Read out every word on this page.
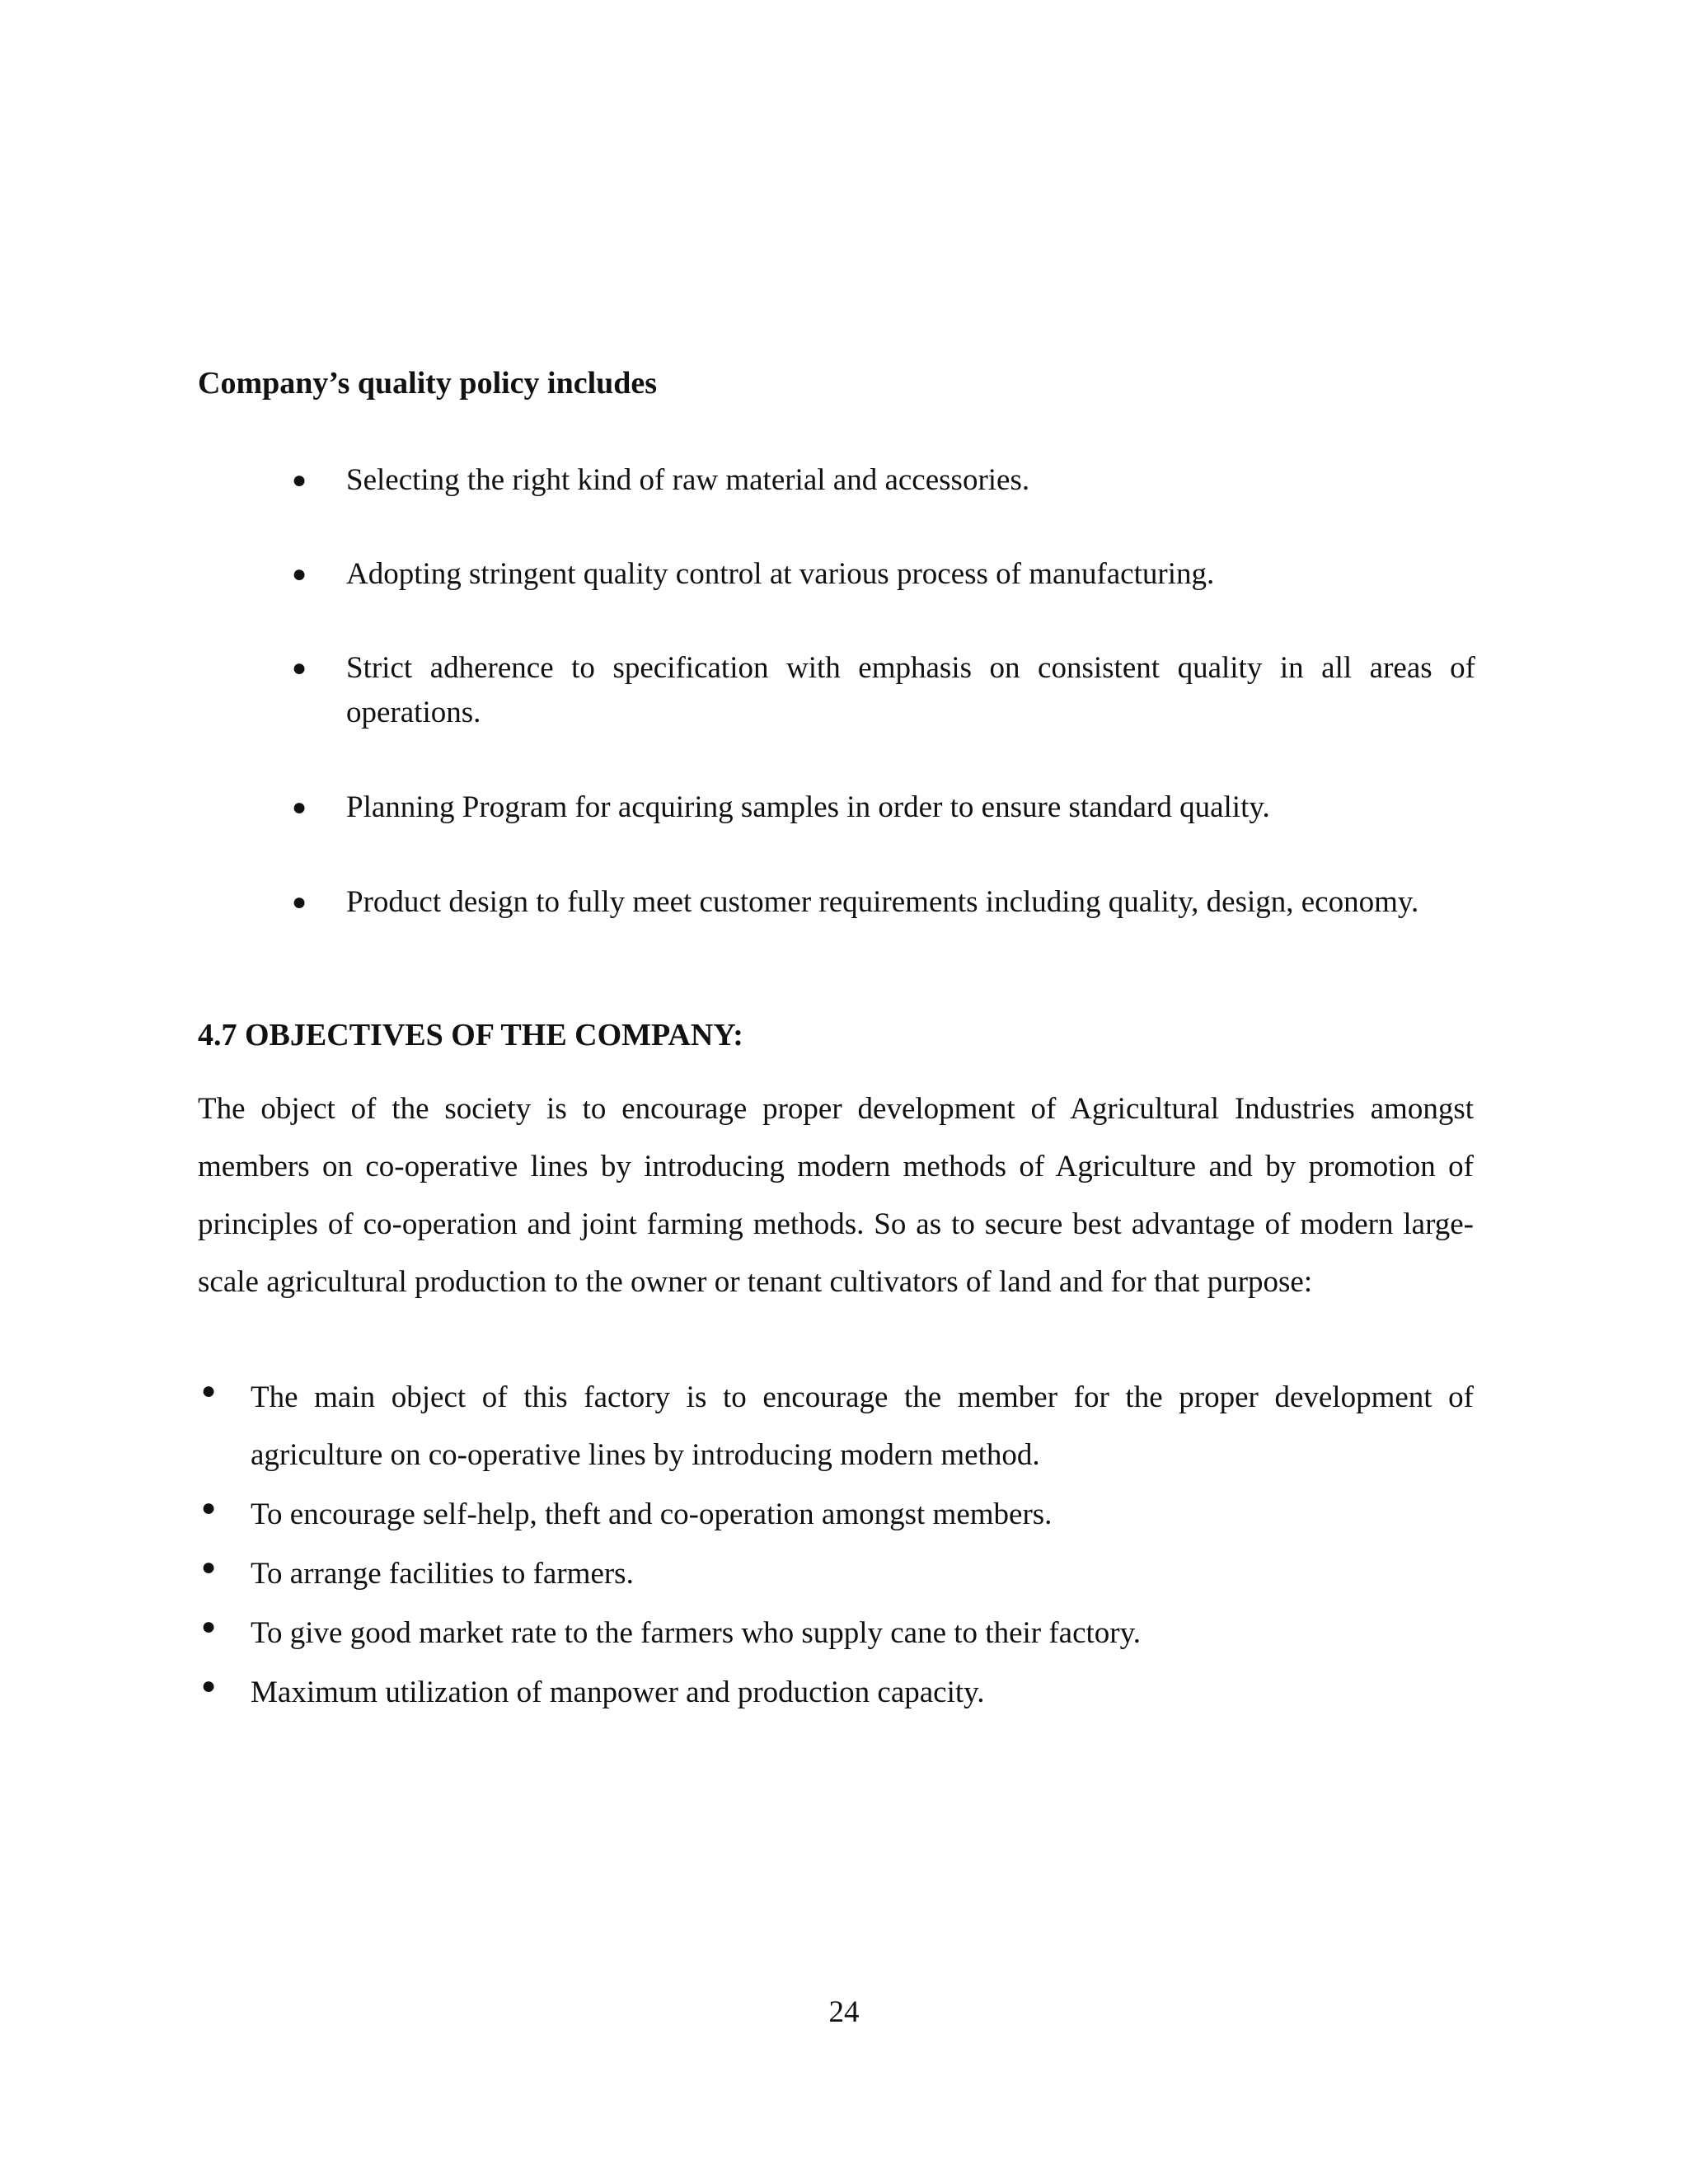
Company’s quality policy includes
●	Selecting the right kind of raw material and accessories.
●	Adopting stringent quality control at various process of manufacturing.
●	Strict adherence to specification with emphasis on consistent quality in all areas of operations.
●	Planning Program for acquiring samples in order to ensure standard quality.
●	Product design to fully meet customer requirements including quality, design, economy.
4.7 OBJECTIVES OF THE COMPANY:

The object of the society is to encourage proper development of Agricultural Industries amongst members on co-operative lines by introducing modern methods of Agriculture and by promotion of principles of co-operation and joint farming methods. So as to secure best advantage of modern large-scale agricultural production to the owner or tenant cultivators of land and for that purpose:

●	The main object of this factory is to encourage the member for the proper development of agriculture on co-operative lines by introducing modern method.
●	To encourage self-help, theft and co-operation amongst members.
●	To arrange facilities to farmers.
●	To give good market rate to the farmers who supply cane to their factory.
●	Maximum utilization of manpower and production capacity.
24
